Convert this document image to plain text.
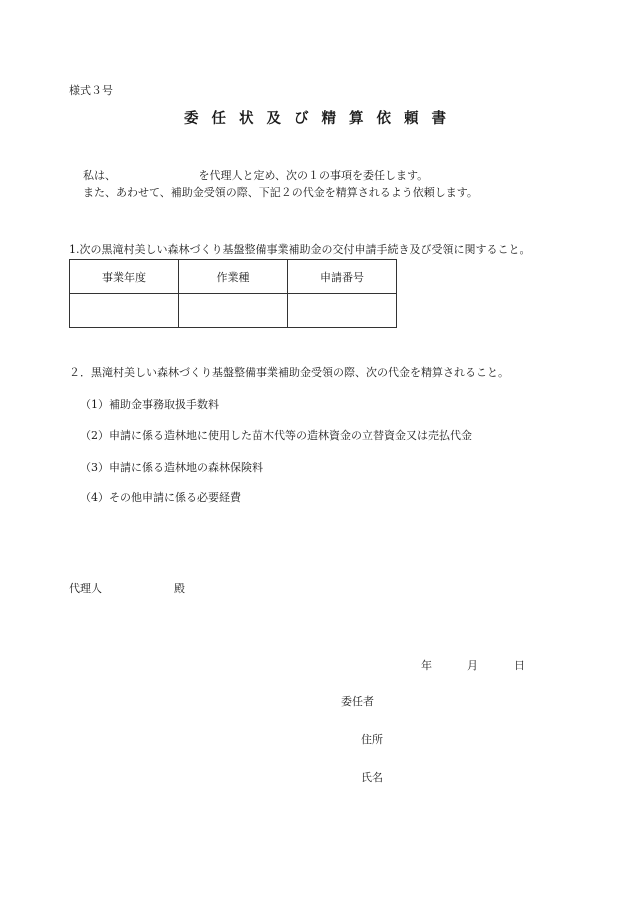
様式３号
委任状及び精算依頼書
私は、　　　　　　　　を代理人と定め、次の１の事項を委任します。
また、あわせて、補助金受領の際、下記２の代金を精算されるよう依頼します。
1.次の黒滝村美しい森林づくり基盤整備事業補助金の交付申請手続き及び受領に関すること。
事業年度	作業種	申請番号

２．黒滝村美しい森林づくり基盤整備事業補助金受領の際、次の代金を精算されること。
（1）補助金事務取扱手数料
（2）申請に係る造林地に使用した苗木代等の造林資金の立替資金又は売払代金
（3）申請に係る造林地の森林保険料
（4）その他申請に係る必要経費
代理人	殿
年	月	日
委任者
住所
氏名
